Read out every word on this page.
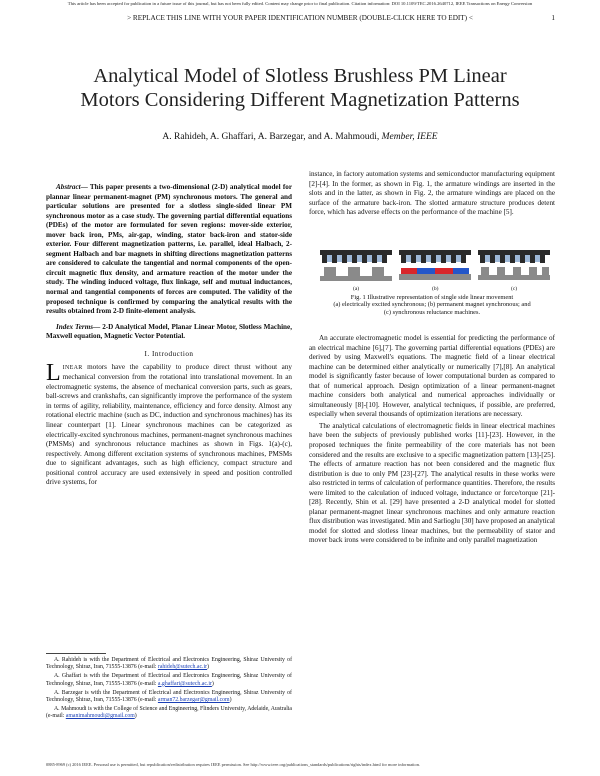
This article has been accepted for publication in a future issue of this journal, but has not been fully edited. Content may change prior to final publication. Citation information: DOI 10.1109/TEC.2016.2640712, IEEE Transactions on Energy Conversion
> REPLACE THIS LINE WITH YOUR PAPER IDENTIFICATION NUMBER (DOUBLE-CLICK HERE TO EDIT) <	1
Analytical Model of Slotless Brushless PM Linear
Motors Considering Different Magnetization Patterns
A. Rahideh, A. Ghaffari, A. Barzegar, and A. Mahmoudi, Member, IEEE

Abstract— This paper presents a two-dimensional (2-D) analytical model for plannar linear permanent-magnet (PM) synchronous motors. The general and particular solutions are presented for a slotless single-sided linear PM synchronous motor as a case study. The governing partial differential equations (PDEs) of the motor are formulated for seven regions: mover-side exterior, mover back iron, PMs, air-gap, winding, stator back-iron and stator-side exterior. Four different magnetization patterns, i.e. parallel, ideal Halbach, 2-segment Halbach and bar magnets in shifting directions magnetization patterns are considered to calculate the tangential and normal components of the open-circuit magnetic flux density, and armature reaction of the motor under the study. The winding induced voltage, flux linkage, self and mutual inductances, normal and tangential components of forces are computed. The validity of the proposed technique is confirmed by comparing the analytical results with the results obtained from 2-D finite-element analysis.

Index Terms— 2-D Analytical Model, Planar Linear Motor, Slotless Machine, Maxwell equation, Magnetic Vector Potential.

I. Introduction

LINEAR motors have the capability to produce direct thrust without any mechanical conversion from the rotational into translational movement. In an electromagnetic systems, the absence of mechanical conversion parts, such as gears, ball-screws and crankshafts, can significantly improve the performance of the system in terms of agility, reliability, maintenance, efficiency and force density. Almost any rotational electric machine (such as DC, induction and synchronous machines) has its linear counterpart [1]. Linear synchronous machines can be categorized as electrically-excited synchronous machines, permanent-magnet synchronous machines (PMSMs) and synchronous reluctance machines as shown in Figs. 1(a)-(c), respectively. Among different excitation systems of synchronous machines, PMSMs due to significant advantages, such as high efficiency, compact structure and positional control accuracy are used extensively in speed and position controlled drive systems, for

A. Rahideh is with the Department of Electrical and Electronics Engineering, Shiraz University of Technology, Shiraz, Iran, 71555-13876 (e-mail: rahideh@sutech.ac.ir)

A. Ghaffari is with the Department of Electrical and Electronics Engineering, Shiraz University of Technology, Shiraz, Iran, 71555-13876 (e-mail: a.ghaffari@sutech.ac.ir)

A. Barzegar is with the Department of Electrical and Electronics Engineering, Shiraz University of Technology, Shiraz, Iran, 71555-13876 (e-mail: arman72.barzegar@gmail.com)

A. Mahmoudi is with the College of Science and Engineering, Flinders University, Adelaide, Australia (e-mail: amanimahmoudi@gmail.com)

instance, in factory automation systems and semiconductor manufacturing equipment [2]-[4]. In the former, as shown in Fig. 1, the armature windings are inserted in the slots and in the latter, as shown in Fig. 2, the armature windings are placed on the surface of the armature back-iron. The slotted armature structure produces detent force, which has adverse effects on the performance of the machine [5].

(a)	(b)	(c)
Fig. 1 Illustrative representation of single side linear movement
(a) electrically excited synchronous; (b) permanent magnet synchronous; and
(c) synchronous reluctance machines.

An accurate electromagnetic model is essential for predicting the performance of an electrical machine [6],[7]. The governing partial differential equations (PDEs) are derived by using Maxwell's equations. The magnetic field of a linear electrical machine can be determined either analytically or numerically [7],[8]. An analytical model is significantly faster because of lower computational burden as compared to that of numerical approach. Design optimization of a linear permanent-magnet machine considers both analytical and numerical approaches individually or simultaneously [8]-[10]. However, analytical techniques, if possible, are preferred, especially when several thousands of optimization iterations are necessary.

The analytical calculations of electromagnetic fields in linear electrical machines have been the subjects of previously published works [11]-[23]. However, in the proposed techniques the finite permeability of the core materials has not been considered and the results are exclusive to a specific magnetization pattern [13]-[25]. The effects of armature reaction has not been considered and the magnetic flux distribution is due to only PM [23]-[27]. The analytical results in these works were also restricted in terms of calculation of performance quantities. Therefore, the results were limited to the calculation of induced voltage, inductance or force/torque [21]-[28]. Recently, Shin et al. [29] have presented a 2-D analytical model for slotted planar permanent-magnet linear synchronous machines and only armature reaction flux distribution was investigated. Min and Sarlioglu [30] have proposed an analytical model for slotted and slotless linear machines, but the permeability of stator and mover back irons were considered to be infinite and only parallel magnetization

0885-8969 (c) 2016 IEEE. Personal use is permitted, but republication/redistribution requires IEEE permission. See http://www.ieee.org/publications_standards/publications/rights/index.html for more information.
